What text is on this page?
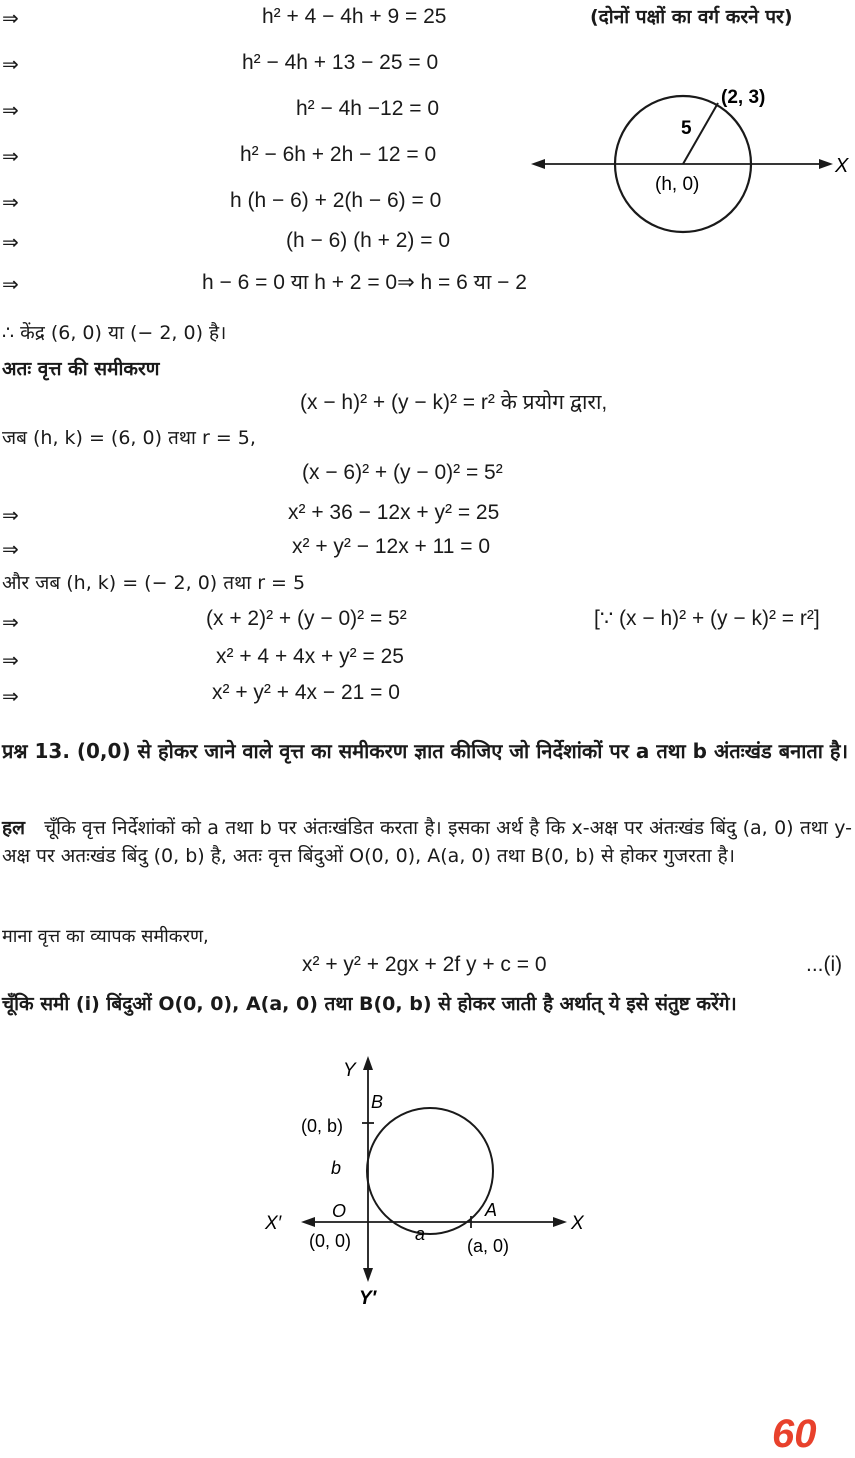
⇒	h² + 4 − 4h + 9 = 25	(दोनों पक्षों का वर्ग करने पर)
⇒	h² − 4h + 13 − 25 = 0
⇒	h² − 4h −12 = 0
⇒	h² − 6h + 2h − 12 = 0
⇒	h (h − 6) + 2(h − 6) = 0
⇒	(h − 6) (h + 2) = 0
⇒	h − 6 = 0 या h + 2 = 0⇒ h = 6 या − 2
(2, 3)
5
(h, 0)
X
∴ केंद्र (6, 0) या (− 2, 0) है।
अतः वृत्त की समीकरण
(x − h)² + (y − k)² = r² के प्रयोग द्वारा,
जब (h, k) = (6, 0) तथा r = 5,
(x − 6)² + (y − 0)² = 5²
⇒	x² + 36 − 12x + y² = 25
⇒	x² + y² − 12x + 11 = 0
और जब (h, k) = (− 2, 0) तथा r = 5
⇒	(x + 2)² + (y − 0)² = 5²	[∵ (x − h)² + (y − k)² = r²]
⇒	x² + 4 + 4x + y² = 25
⇒	x² + y² + 4x − 21 = 0
प्रश्न 13. (0,0) से होकर जाने वाले वृत्त का समीकरण ज्ञात कीजिए जो निर्देशांकों पर a तथा b अंतःखंड बनाता है।
हल चूँकि वृत्त निर्देशांकों को a तथा b पर अंतःखंडित करता है। इसका अर्थ है कि x-अक्ष पर अंतःखंड बिंदु (a, 0) तथा y-अक्ष पर अतःखंड बिंदु (0, b) है, अतः वृत्त बिंदुओं O(0, 0), A(a, 0) तथा B(0, b) से होकर गुजरता है।
माना वृत्त का व्यापक समीकरण,
x² + y² + 2gx + 2f y + c = 0	...(i)
चूँकि समी (i) बिंदुओं O(0, 0), A(a, 0) तथा B(0, b) से होकर जाती है अर्थात् ये इसे संतुष्ट करेंगे।
Y
Y′
X
X′
B
(0, b)
b
O
(0, 0)
A
a
(a, 0)
60
